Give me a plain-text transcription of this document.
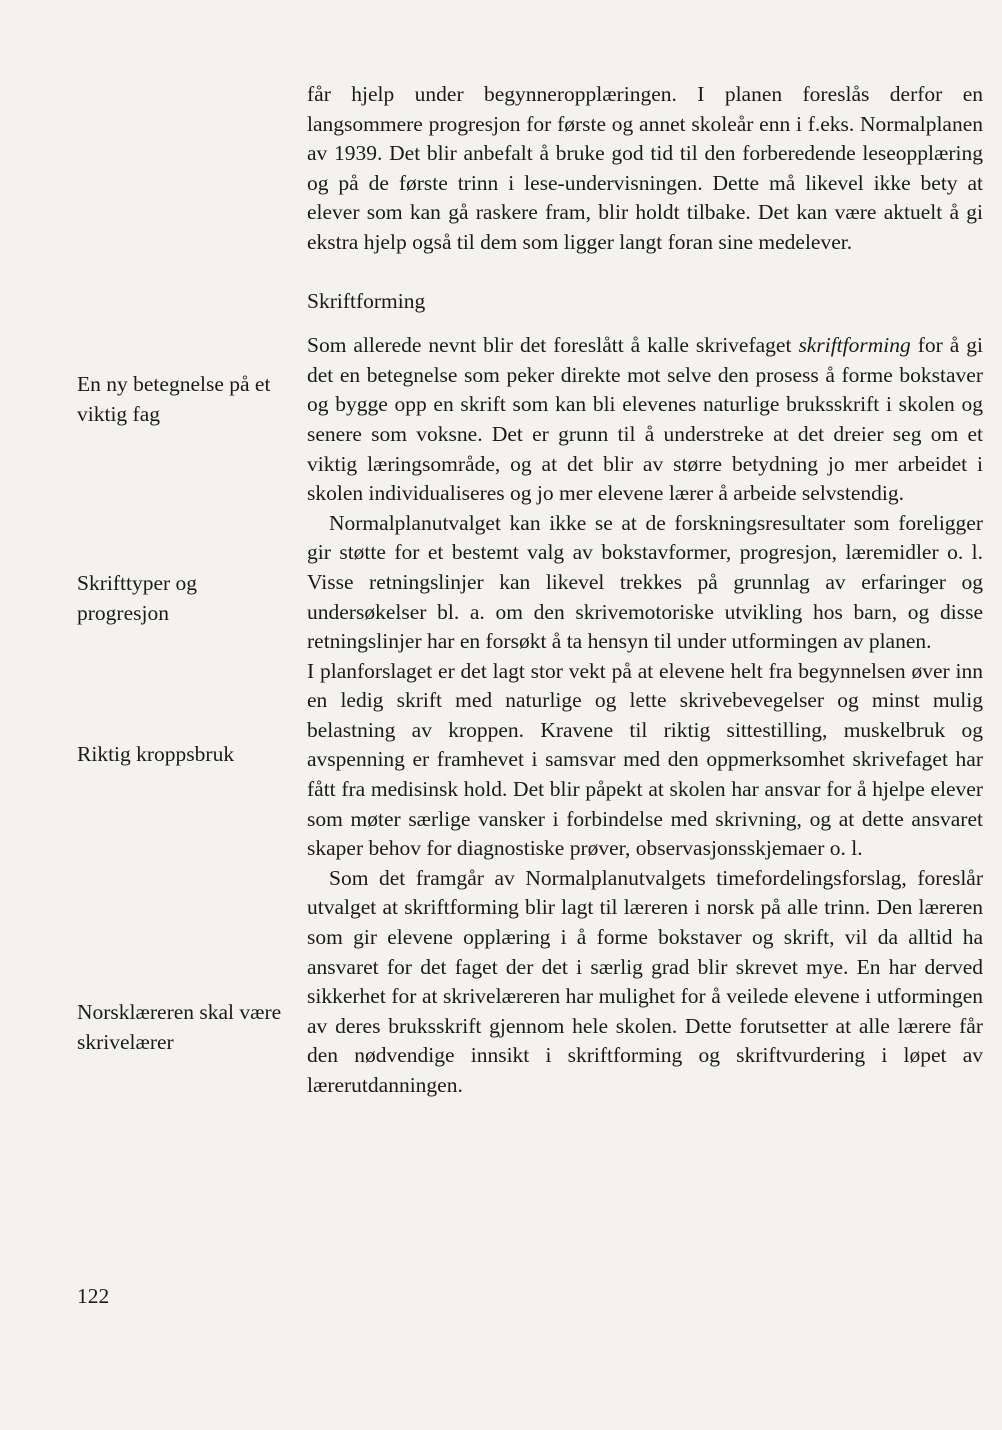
får hjelp under begynneropplæringen. I planen foreslås derfor en langsommere progresjon for første og annet skoleår enn i f.eks. Normalplanen av 1939. Det blir anbefalt å bruke god tid til den forberedende leseopplæring og på de første trinn i lese-undervisningen. Dette må likevel ikke bety at elever som kan gå raskere fram, blir holdt tilbake. Det kan være aktuelt å gi ekstra hjelp også til dem som ligger langt foran sine medelever.

Skriftforming

Som allerede nevnt blir det foreslått å kalle skrivefaget skriftforming for å gi det en betegnelse som peker direkte mot selve den prosess å forme bokstaver og bygge opp en skrift som kan bli elevenes naturlige bruksskrift i skolen og senere som voksne. Det er grunn til å understreke at det dreier seg om et viktig læringsområde, og at det blir av større betydning jo mer arbeidet i skolen individualiseres og jo mer elevene lærer å arbeide selvstendig.

Normalplanutvalget kan ikke se at de forskningsresultater som foreligger gir støtte for et bestemt valg av bokstavformer, progresjon, læremidler o. l. Visse retningslinjer kan likevel trekkes på grunnlag av erfaringer og undersøkelser bl. a. om den skrivemotoriske utvikling hos barn, og disse retningslinjer har en forsøkt å ta hensyn til under utformingen av planen.

I planforslaget er det lagt stor vekt på at elevene helt fra begynnelsen øver inn en ledig skrift med naturlige og lette skrivebevegelser og minst mulig belastning av kroppen. Kravene til riktig sittestilling, muskelbruk og avspenning er framhevet i samsvar med den oppmerksomhet skrivefaget har fått fra medisinsk hold. Det blir påpekt at skolen har ansvar for å hjelpe elever som møter særlige vansker i forbindelse med skrivning, og at dette ansvaret skaper behov for diagnostiske prøver, observasjonsskjemaer o. l.

Som det framgår av Normalplanutvalgets timefordelingsforslag, foreslår utvalget at skriftforming blir lagt til læreren i norsk på alle trinn. Den læreren som gir elevene opplæring i å forme bokstaver og skrift, vil da alltid ha ansvaret for det faget der det i særlig grad blir skrevet mye. En har derved sikkerhet for at skrivelæreren har mulighet for å veilede elevene i utformingen av deres bruksskrift gjennom hele skolen. Dette forutsetter at alle lærere får den nødvendige innsikt i skriftforming og skriftvurdering i løpet av lærerutdanningen.

En ny betegnelse på et viktig fag

Skrifttyper og progresjon

Riktig kroppsbruk

Norsklæreren skal være skrivelærer

122
